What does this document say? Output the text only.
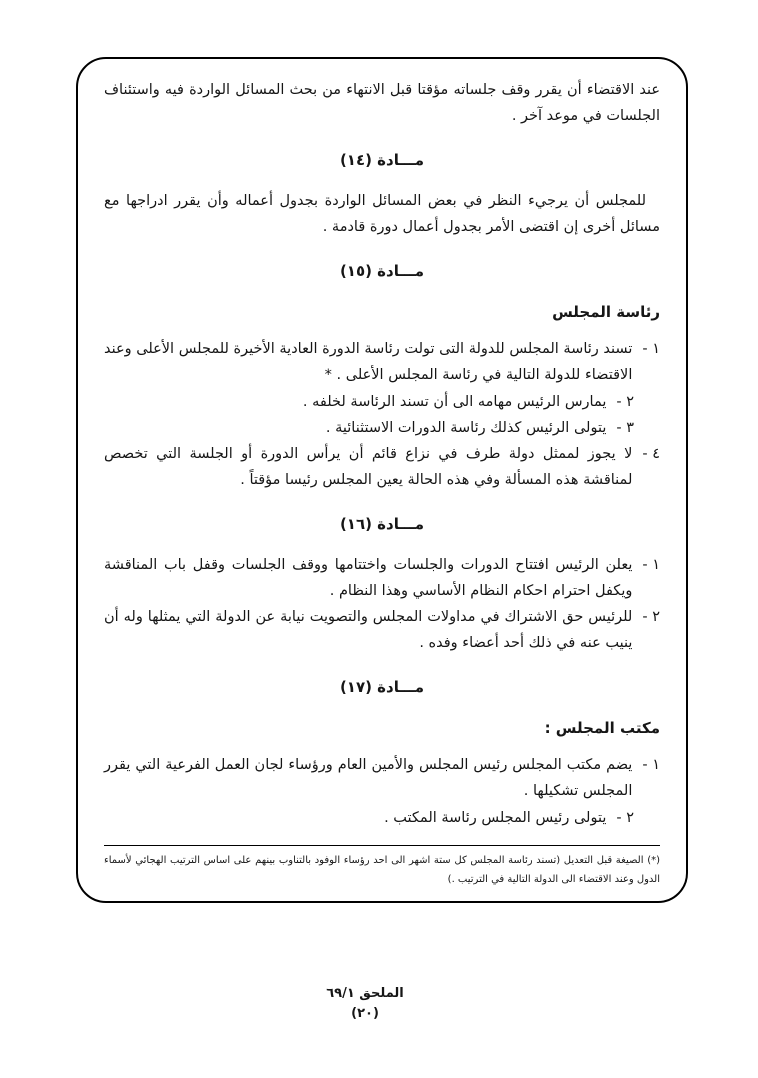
عند الاقتضاء أن يقرر وقف جلساته مؤقتا قبل الانتهاء من بحث المسائل الواردة فيه واستئناف الجلسات في موعد آخر .

مـــادة (١٤)

للمجلس أن يرجيء النظر في بعض المسائل الواردة بجدول أعماله وأن يقرر ادراجها مع مسائل أخرى إن اقتضى الأمر بجدول أعمال دورة قادمة .

مـــادة (١٥)
رئاسة المجلس
١ -
تسند رئاسة المجلس للدولة التى تولت رئاسة الدورة العادية الأخيرة للمجلس الأعلى وعند الاقتضاء للدولة التالية في رئاسة المجلس الأعلى . *
٢ -
يمارس الرئيس مهامه الى أن تسند الرئاسة لخلفه .
٣ -
يتولى الرئيس كذلك رئاسة الدورات الاستثنائية .
٤ -
لا يجوز لممثل دولة طرف في نزاع قائم أن يرأس الدورة أو الجلسة التي تخصص لمناقشة هذه المسألة وفي هذه الحالة يعين المجلس رئيسا مؤقتاً .
مـــادة (١٦)
١ -
يعلن الرئيس افتتاح الدورات والجلسات واختتامها ووقف الجلسات وقفل باب المناقشة ويكفل احترام احكام النظام الأساسي وهذا النظام .
٢ -
للرئيس حق الاشتراك في مداولات المجلس والتصويت نيابة عن الدولة التي يمثلها وله أن ينيب عنه في ذلك أحد أعضاء وفده .
مـــادة (١٧)
مكتب المجلس :
١ -
يضم مكتب المجلس رئيس المجلس والأمين العام ورؤساء لجان العمل الفرعية التي يقرر المجلس تشكيلها .
٢ -
يتولى رئيس المجلس رئاسة المكتب .

(*) الصيغة قبل التعديل (تسند رئاسة المجلس كل ستة اشهر الى احد رؤساء الوفود بالتناوب بينهم على اساس الترتيب الهجائي لأسماء الدول وعند الاقتضاء الى الدولة التالية في الترتيب .)

الملحق ٦٩/١
(٢٠)
